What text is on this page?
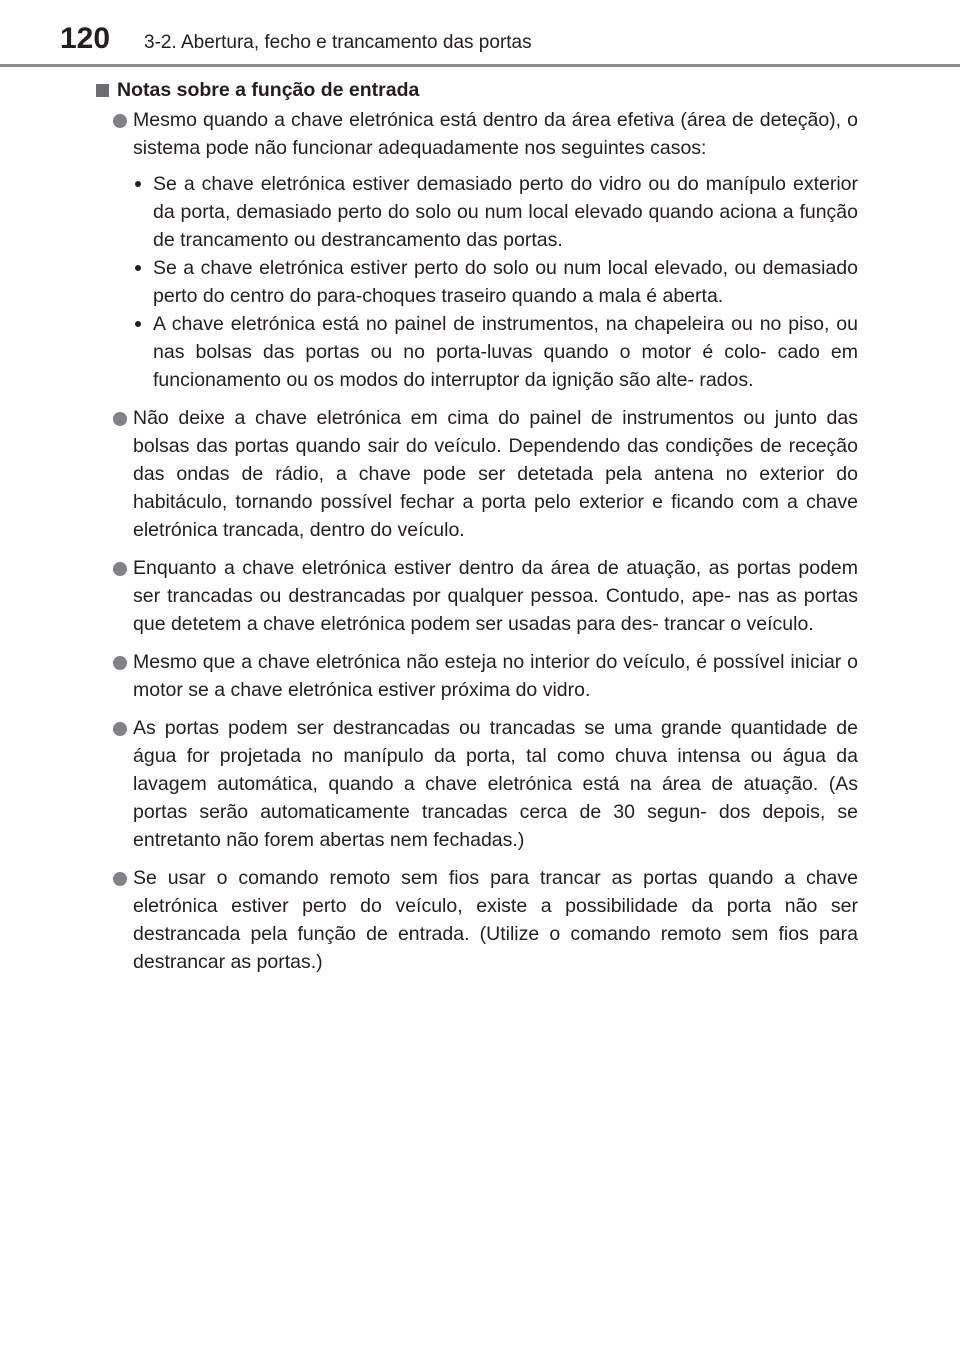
120 3-2. Abertura, fecho e trancamento das portas
Notas sobre a função de entrada
Mesmo quando a chave eletrónica está dentro da área efetiva (área de deteção), o sistema pode não funcionar adequadamente nos seguintes casos:
Se a chave eletrónica estiver demasiado perto do vidro ou do manípulo exterior da porta, demasiado perto do solo ou num local elevado quando aciona a função de trancamento ou destrancamento das portas.
Se a chave eletrónica estiver perto do solo ou num local elevado, ou demasiado perto do centro do para-choques traseiro quando a mala é aberta.
A chave eletrónica está no painel de instrumentos, na chapeleira ou no piso, ou nas bolsas das portas ou no porta-luvas quando o motor é colo- cado em funcionamento ou os modos do interruptor da ignição são alte- rados.
Não deixe a chave eletrónica em cima do painel de instrumentos ou junto das bolsas das portas quando sair do veículo. Dependendo das condições de receção das ondas de rádio, a chave pode ser detetada pela antena no exterior do habitáculo, tornando possível fechar a porta pelo exterior e ficando com a chave eletrónica trancada, dentro do veículo.
Enquanto a chave eletrónica estiver dentro da área de atuação, as portas podem ser trancadas ou destrancadas por qualquer pessoa. Contudo, ape- nas as portas que detetem a chave eletrónica podem ser usadas para des- trancar o veículo.
Mesmo que a chave eletrónica não esteja no interior do veículo, é possível iniciar o motor se a chave eletrónica estiver próxima do vidro.
As portas podem ser destrancadas ou trancadas se uma grande quantidade de água for projetada no manípulo da porta, tal como chuva intensa ou água da lavagem automática, quando a chave eletrónica está na área de atuação. (As portas serão automaticamente trancadas cerca de 30 segun- dos depois, se entretanto não forem abertas nem fechadas.)
Se usar o comando remoto sem fios para trancar as portas quando a chave eletrónica estiver perto do veículo, existe a possibilidade da porta não ser destrancada pela função de entrada. (Utilize o comando remoto sem fios para destrancar as portas.)
